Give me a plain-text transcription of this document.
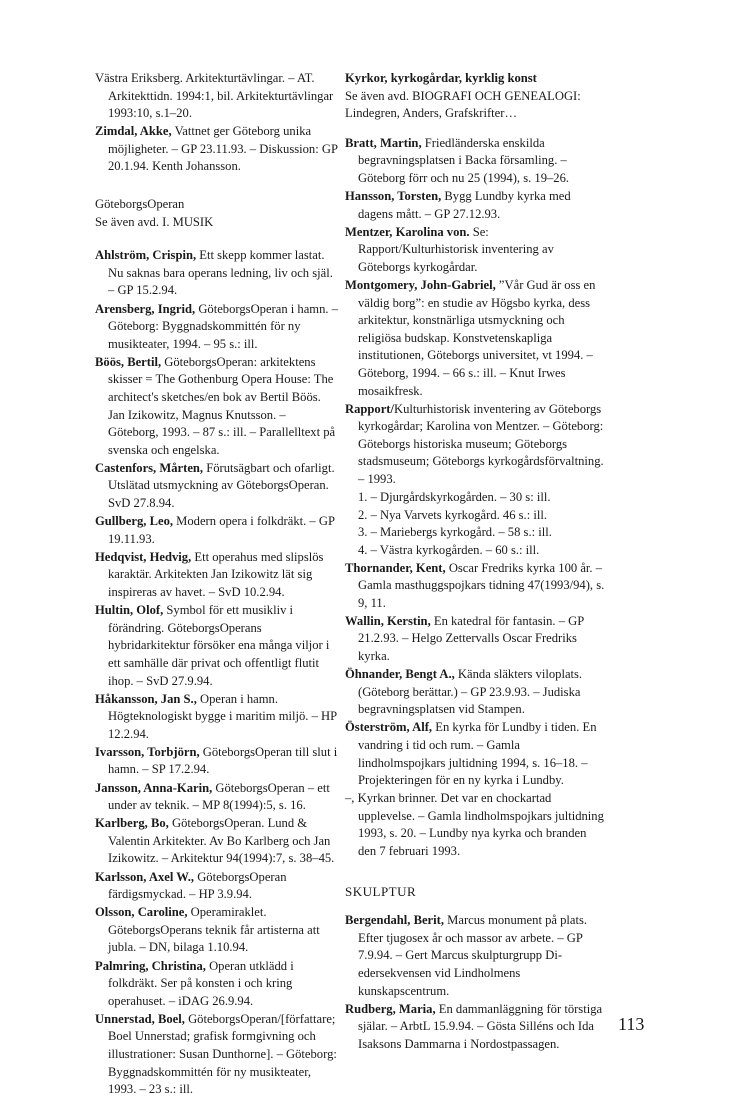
Västra Eriksberg. Arkitekturtävlingar. – AT. Arkitekttidn. 1994:1, bil. Arkitekturtävlingar 1993:10, s.1–20.
Zimdal, Akke, Vattnet ger Göteborg unika möjligheter. – GP 23.11.93. – Diskussion: GP 20.1.94. Kenth Johansson.
GöteborgsOperan
Se även avd. I. MUSIK
Ahlström, Crispin, Ett skepp kommer lastat. Nu saknas bara operans ledning, liv och själ. – GP 15.2.94.
Arensberg, Ingrid, GöteborgsOperan i hamn. – Göteborg: Byggnadskommittén för ny musikteater, 1994. – 95 s.: ill.
Böös, Bertil, GöteborgsOperan: arkitektens skisser = The Gothenburg Opera House: The architect's sketches/en bok av Bertil Böös. Jan Izikowitz, Magnus Knutsson. – Göteborg, 1993. – 87 s.: ill. – Parallelltext på svenska och engelska.
Castenfors, Mårten, Förutsägbart och ofarligt. Utslätad utsmyckning av GöteborgsOperan. SvD 27.8.94.
Gullberg, Leo, Modern opera i folkdräkt. – GP 19.11.93.
Hedqvist, Hedvig, Ett operahus med slipslös karaktär. Arkitekten Jan Izikowitz lät sig inspireras av havet. – SvD 10.2.94.
Hultin, Olof, Symbol för ett musikliv i förändring. GöteborgsOperans hybridarkitektur försöker ena många viljor i ett samhälle där privat och offentligt flutit ihop. – SvD 27.9.94.
Håkansson, Jan S., Operan i hamn. Högteknologiskt bygge i maritim miljö. – HP 12.2.94.
Ivarsson, Torbjörn, GöteborgsOperan till slut i hamn. – SP 17.2.94.
Jansson, Anna-Karin, GöteborgsOperan – ett under av teknik. – MP 8(1994):5, s. 16.
Karlberg, Bo, GöteborgsOperan. Lund & Valentin Arkitekter. Av Bo Karlberg och Jan Izikowitz. – Arkitektur 94(1994):7, s. 38–45.
Karlsson, Axel W., GöteborgsOperan färdigsmyckad. – HP 3.9.94.
Olsson, Caroline, Operamiraklet. GöteborgsOperans teknik får artisterna att jubla. – DN, bilaga 1.10.94.
Palmring, Christina, Operan utklädd i folkdräkt. Ser på konsten i och kring operahuset. – iDAG 26.9.94.
Unnerstad, Boel, GöteborgsOperan/[författare; Boel Unnerstad; grafisk formgivning och illustrationer: Susan Dunthorne]. – Göteborg: Byggnadskommittén för ny musikteater, 1993. – 23 s.: ill.
Kyrkor, kyrkogårdar, kyrklig konst
Se även avd. BIOGRAFI OCH GENEALOGI: Lindegren, Anders, Grafskrifter…
Bratt, Martin, Friedländerska enskilda begravningsplatsen i Backa församling. – Göteborg förr och nu 25 (1994), s. 19–26.
Hansson, Torsten, Bygg Lundby kyrka med dagens mått. – GP 27.12.93.
Mentzer, Karolina von. Se: Rapport/Kulturhistorisk inventering av Göteborgs kyrkogårdar.
Montgomery, John-Gabriel, ”Vår Gud är oss en väldig borg”: en studie av Högsbo kyrka, dess arkitektur, konstnärliga utsmyckning och religiösa budskap. Konstvetenskapliga institutionen, Göteborgs universitet, vt 1994. – Göteborg, 1994. – 66 s.: ill. – Knut Irwes mosaikfresk.
Rapport/Kulturhistorisk inventering av Göteborgs kyrkogårdar; Karolina von Mentzer. – Göteborg: Göteborgs historiska museum; Göteborgs stadsmuseum; Göteborgs kyrkogårdsförvaltning. – 1993.
1. – Djurgårdskyrkogården. – 30 s: ill.
2. – Nya Varvets kyrkogård. 46 s.: ill.
3. – Mariebergs kyrkogård. – 58 s.: ill.
4. – Västra kyrkogården. – 60 s.: ill.
Thornander, Kent, Oscar Fredriks kyrka 100 år. – Gamla masthuggspojkars tidning 47(1993/94), s. 9, 11.
Wallin, Kerstin, En katedral för fantasin. – GP 21.2.93. – Helgo Zettervalls Oscar Fredriks kyrka.
Öhnander, Bengt A., Kända släkters viloplats. (Göteborg berättar.) – GP 23.9.93. – Judiska begravningsplatsen vid Stampen.
Österström, Alf, En kyrka för Lundby i tiden. En vandring i tid och rum. – Gamla lindholmspojkars jultidning 1994, s. 16–18. – Projekteringen för en ny kyrka i Lundby.
–, Kyrkan brinner. Det var en chockartad upplevelse. – Gamla lindholmspojkars jultidning 1993, s. 20. – Lundby nya kyrka och branden den 7 februari 1993.
SKULPTUR
Bergendahl, Berit, Marcus monument på plats. Efter tjugosex år och massor av arbete. – GP 7.9.94. – Gert Marcus skulpturgrupp Di-edersekvensen vid Lindholmens kunskapscentrum.
Rudberg, Maria, En dammanläggning för törstiga själar. – ArbtL 15.9.94. – Gösta Silléns och Ida Isaksons Dammarna i Nordostpassagen.
113
